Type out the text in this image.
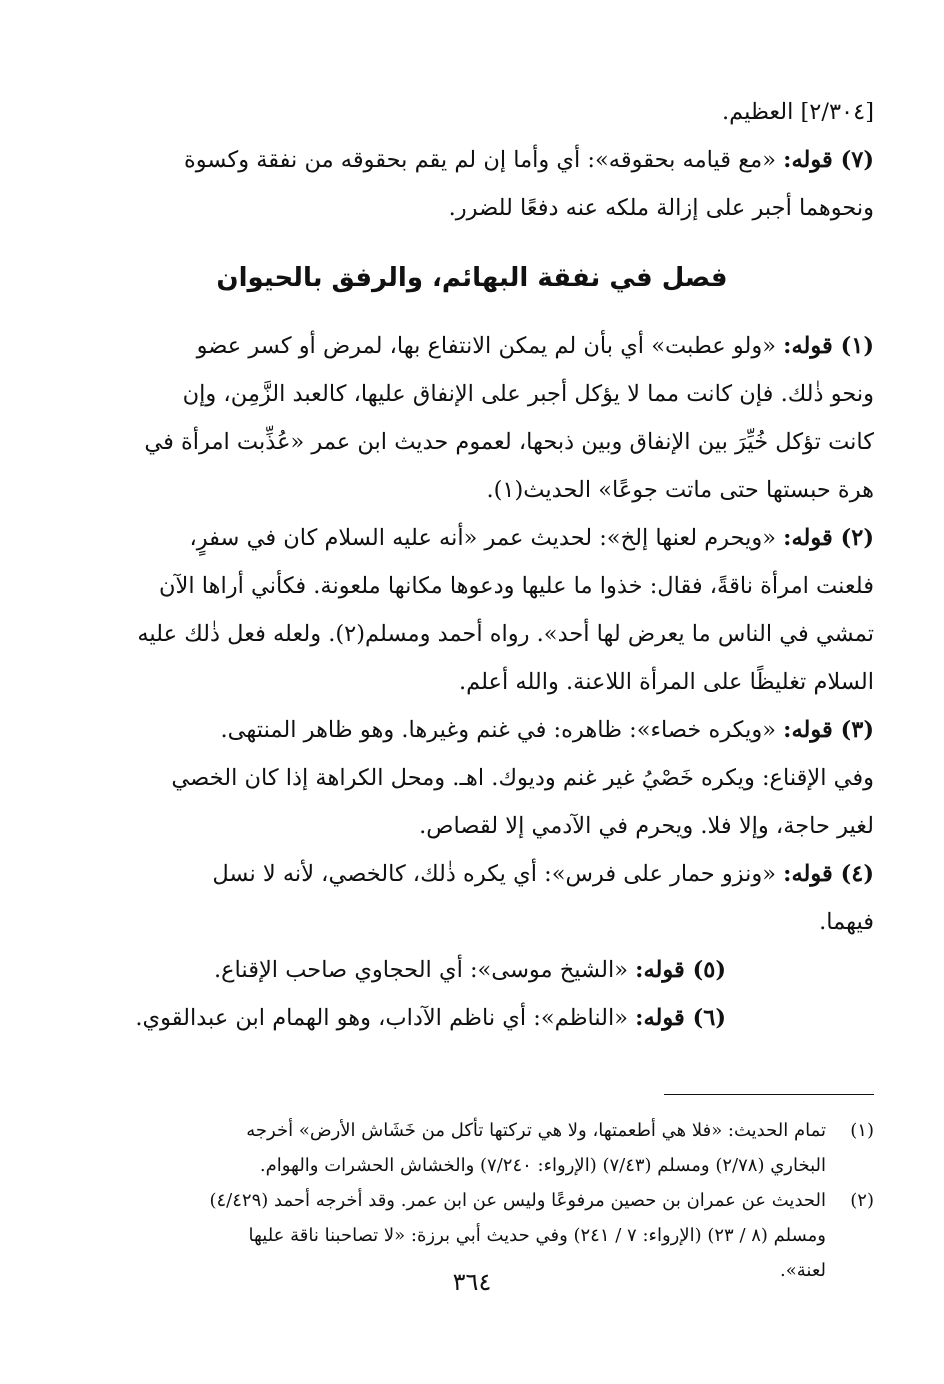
[٢/٣٠٤] العظيم.

(٧) قوله: «مع قيامه بحقوقه»: أي وأما إن لم يقم بحقوقه من نفقة وكسوة

ونحوهما أجبر على إزالة ملكه عنه دفعًا للضرر.

فصل في نفقة البهائم، والرفق بالحيوان

(١) قوله: «ولو عطبت» أي بأن لم يمكن الانتفاع بها، لمرض أو كسر عضو

ونحو ذٰلك. فإن كانت مما لا يؤكل أجبر على الإنفاق عليها، كالعبد الزَّمِن، وإن

كانت تؤكل خُيِّرَ بين الإنفاق وبين ذبحها، لعموم حديث ابن عمر «عُذِّبت امرأة في

هرة حبستها حتى ماتت جوعًا» الحديث(١).

(٢) قوله: «ويحرم لعنها إلخ»: لحديث عمر «أنه عليه السلام كان في سفرٍ،

فلعنت امرأة ناقةً، فقال: خذوا ما عليها ودعوها مكانها ملعونة. فكأني أراها الآن

تمشي في الناس ما يعرض لها أحد». رواه أحمد ومسلم(٢). ولعله فعل ذٰلك عليه

السلام تغليظًا على المرأة اللاعنة. والله أعلم.

(٣) قوله: «ويكره خصاء»: ظاهره: في غنم وغيرها. وهو ظاهر المنتهى.

وفي الإقناع: ويكره خَصْيُ غير غنم وديوك. اهـ. ومحل الكراهة إذا كان الخصي

لغير حاجة، وإلا فلا. ويحرم في الآدمي إلا لقصاص.

(٤) قوله: «ونزو حمار على فرس»: أي يكره ذٰلك، كالخصي، لأنه لا نسل

فيهما.

(٥) قوله: «الشيخ موسى»: أي الحجاوي صاحب الإقناع.

(٦) قوله: «الناظم»: أي ناظم الآداب، وهو الهمام ابن عبدالقوي.

(١)

تمام الحديث: «فلا هي أطعمتها، ولا هي تركتها تأكل من خَشَاش الأرض» أخرجه

البخاري (٢/٧٨) ومسلم (٧/٤٣) (الإرواء: ٧/٢٤٠) والخشاش الحشرات والهوام.

(٢)

الحديث عن عمران بن حصين مرفوعًا وليس عن ابن عمر. وقد أخرجه أحمد (٤/٤٢٩)

ومسلم (٨ / ٢٣) (الإرواء: ٧ / ٢٤١) وفي حديث أبي برزة: «لا تصاحبنا ناقة عليها

لعنة».

٣٦٤
